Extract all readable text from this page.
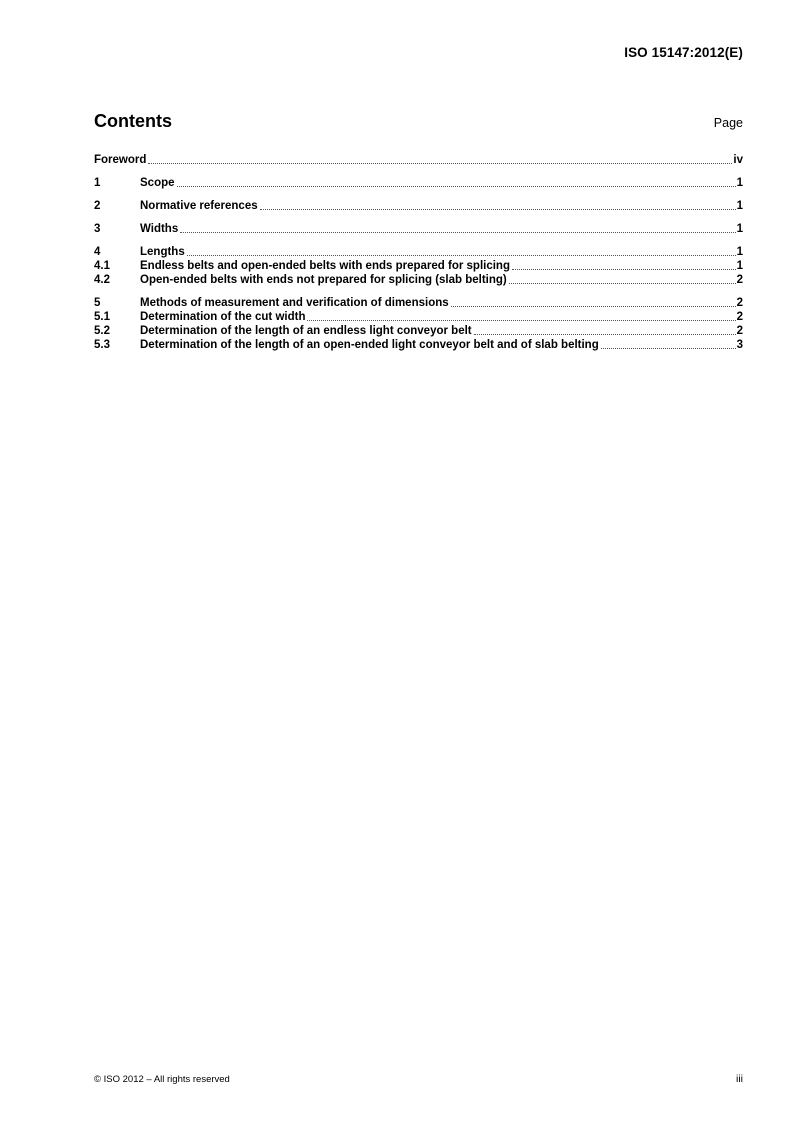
ISO 15147:2012(E)
Contents	Page
Foreword	iv
1	Scope	1
2	Normative references	1
3	Widths	1
4	Lengths	1
4.1	Endless belts and open-ended belts with ends prepared for splicing	1
4.2	Open-ended belts with ends not prepared for splicing (slab belting)	2
5	Methods of measurement and verification of dimensions	2
5.1	Determination of the cut width	2
5.2	Determination of the length of an endless light conveyor belt	2
5.3	Determination of the length of an open-ended light conveyor belt and of slab belting	3
© ISO 2012 – All rights reserved	iii
